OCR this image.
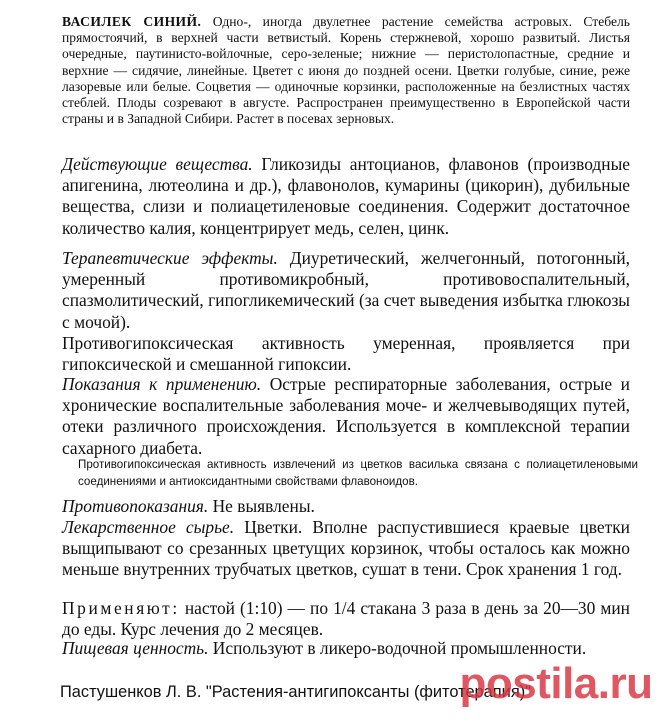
ВАСИЛЕК СИНИЙ. Одно-, иногда двулетнее растение семейства астровых. Стебель прямостоячий, в верхней части ветвистый. Корень стержневой, хорошо развитый. Листья очередные, паутинисто-войлочные, серо-зеленые; нижние — перистолопастные, средние и верхние — сидячие, линейные. Цветет с июня до поздней осени. Цветки голубые, синие, реже лазоревые или белые. Соцветия — одиночные корзинки, расположенные на безлистных частях стеблей. Плоды созревают в августе. Распространен преимущественно в Европейской части страны и в Западной Сибири. Растет в посевах зерновых.

Действующие вещества. Гликозиды антоцианов, флавонов (производные апигенина, лютеолина и др.), флавонолов, кумарины (цикорин), дубильные вещества, слизи и полиацетиленовые соединения. Содержит достаточное количество калия, концентрирует медь, селен, цинк.

Терапевтические эффекты. Диуретический, желчегонный, потогонный, умеренный противомикробный, противовоспалительный, спазмолитический, гипогликемический (за счет выведения избытка глюкозы с мочой).

Противогипоксическая активность умеренная, проявляется при гипоксической и смешанной гипоксии.

Показания к применению. Острые респираторные заболевания, острые и хронические воспалительные заболевания моче- и желчевыводящих путей, отеки различного происхождения. Используется в комплексной терапии сахарного диабета.

Противогипоксическая активность извлечений из цветков василька связана с полиацетиленовыми соединениями и антиоксидантными свойствами флавоноидов.

Противопоказания. Не выявлены.

Лекарственное сырье. Цветки. Вполне распустившиеся краевые цветки выщипывают со срезанных цветущих корзинок, чтобы осталось как можно меньше внутренних трубчатых цветков, сушат в тени. Срок хранения 1 год.

Применяют: настой (1:10) — по 1/4 стакана 3 раза в день за 20—30 мин до еды. Курс лечения до 2 месяцев.

Пищевая ценность. Используют в ликеро-водочной промышленности.

Пастушенков Л. В. "Растения-антигипоксанты (фитотерапия)"

postila.ru
